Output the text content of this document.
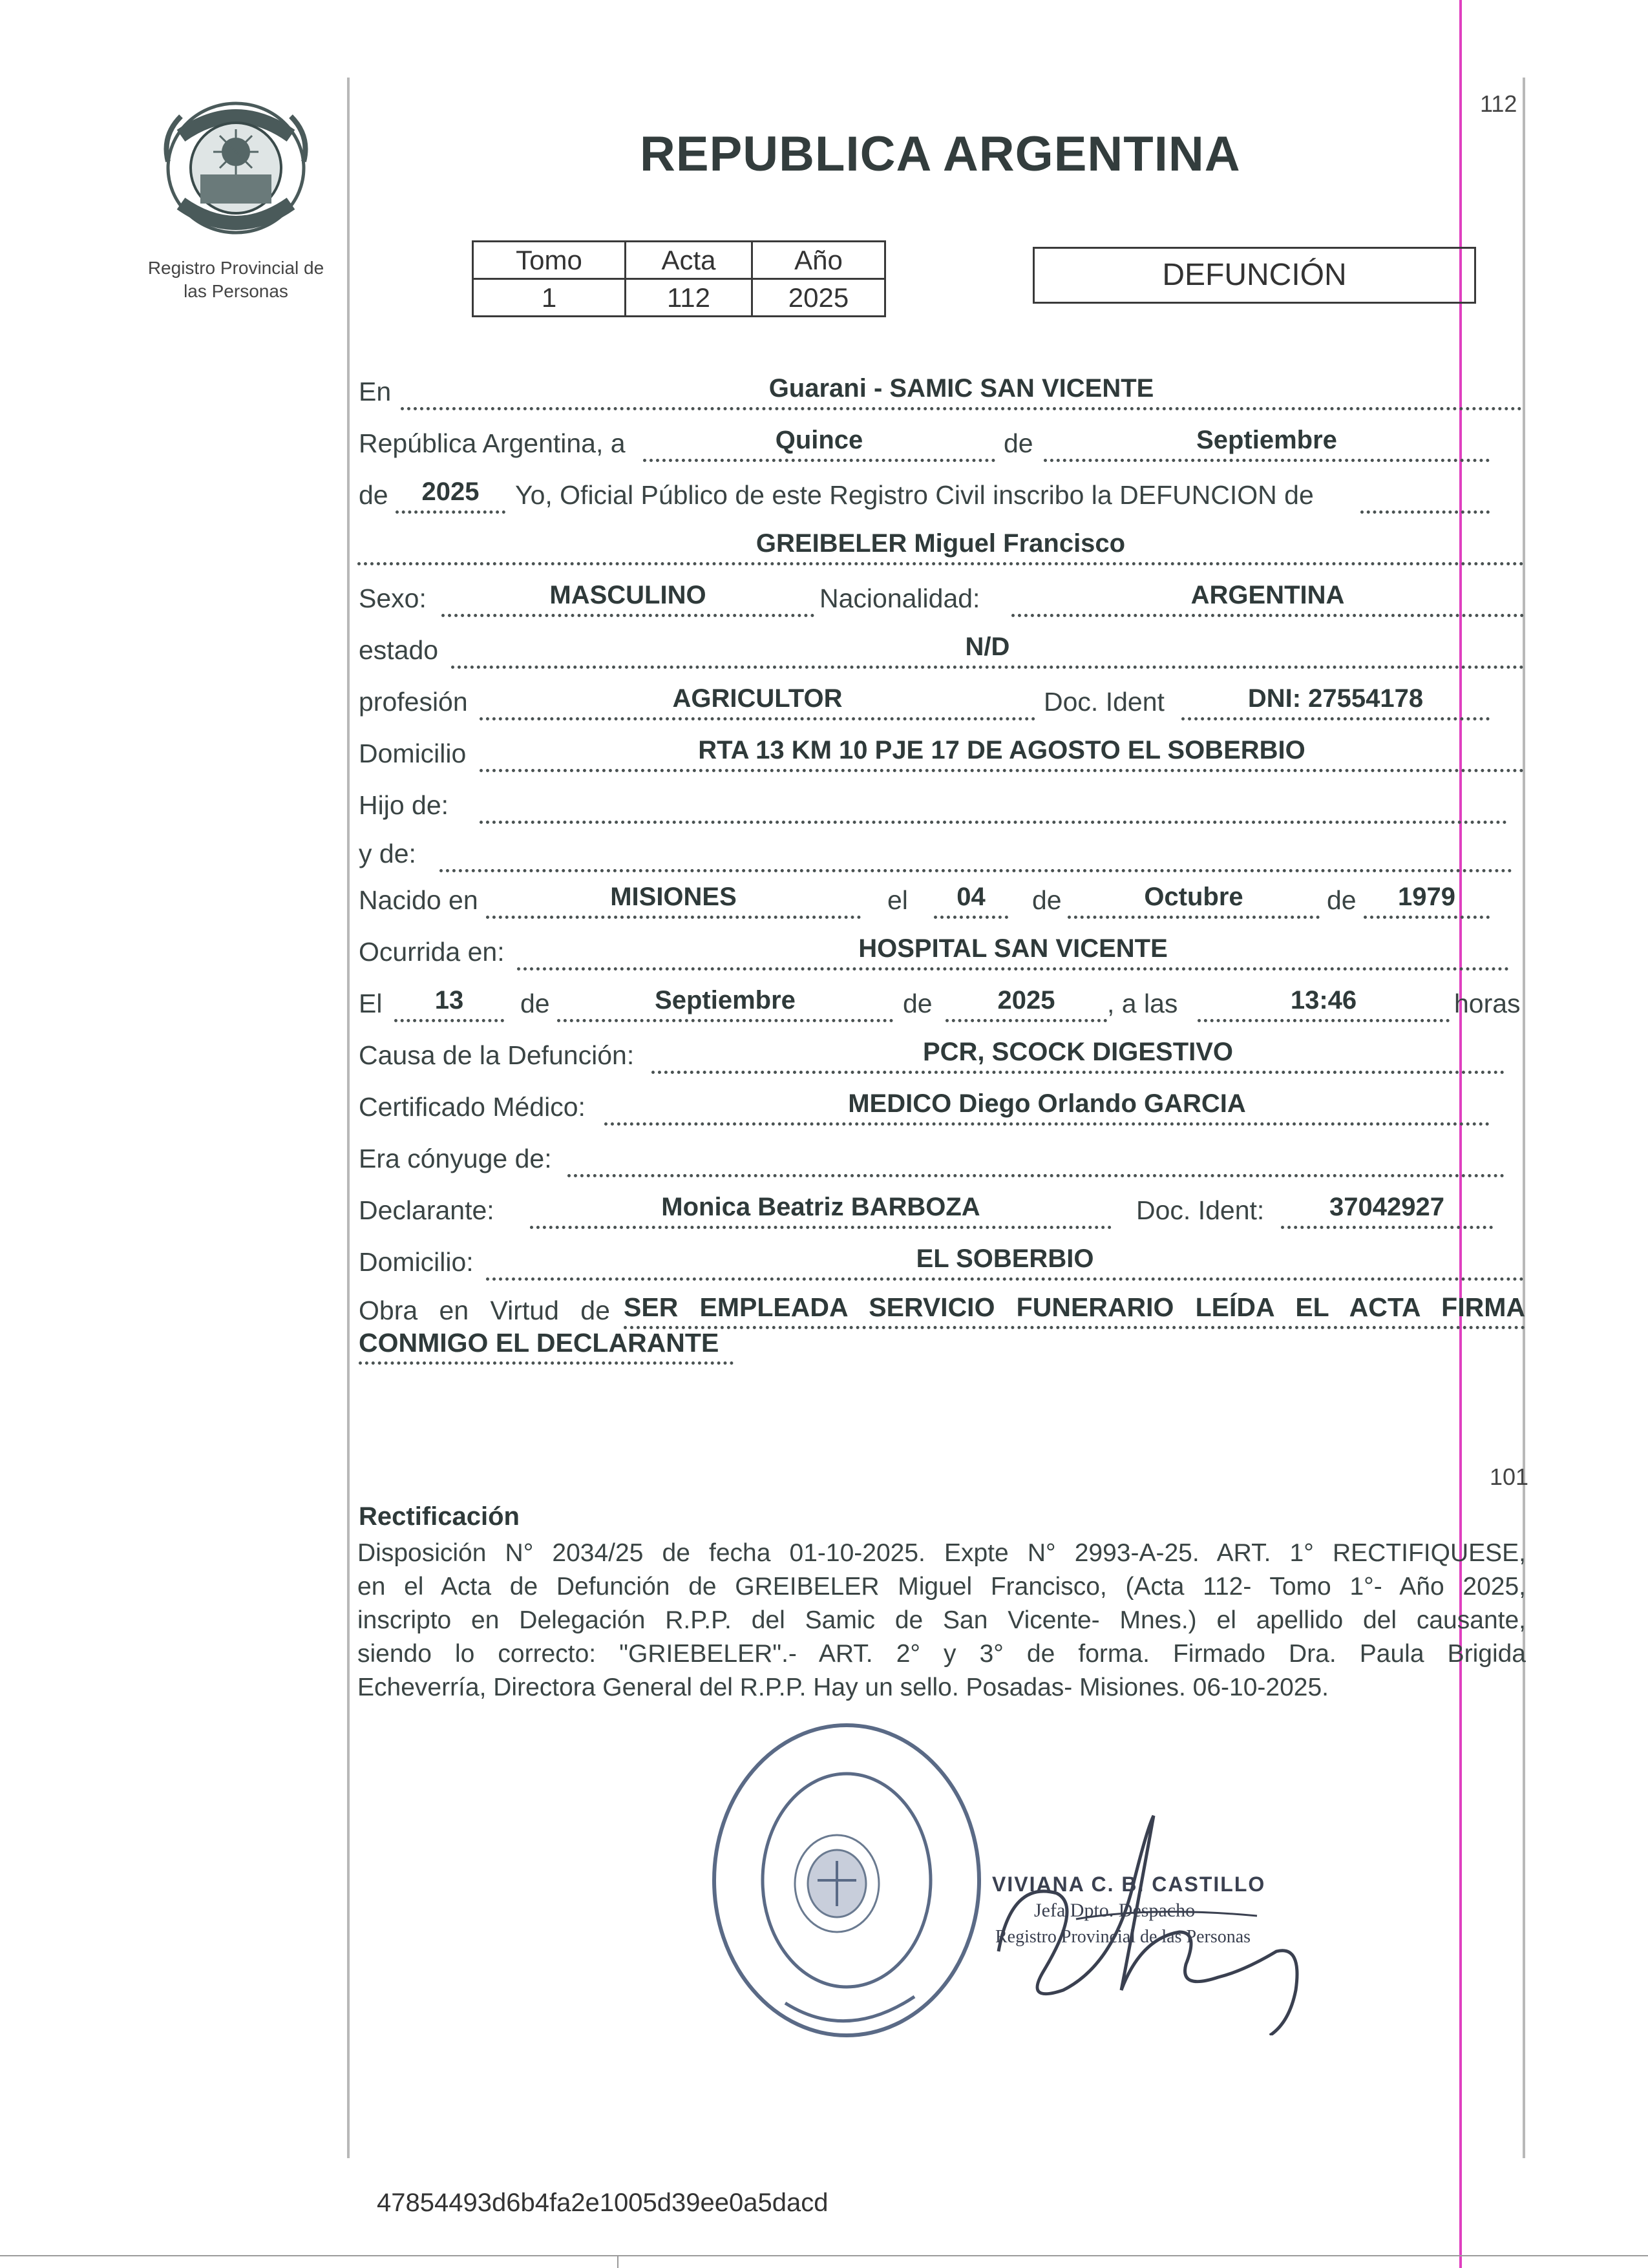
112
Registro Provincial de las Personas
REPUBLICA ARGENTINA
Tomo	Acta	Año
1	112	2025
DEFUNCIÓN
En	Guarani - SAMIC SAN VICENTE
República Argentina, a	Quince	de	Septiembre
de	2025	Yo, Oficial Público de este Registro Civil inscribo la DEFUNCION de
GREIBELER Miguel Francisco
Sexo:	MASCULINO	Nacionalidad:	ARGENTINA
estado	N/D
profesión	AGRICULTOR	Doc. Ident	DNI: 27554178
Domicilio	RTA 13 KM 10 PJE 17 DE AGOSTO EL SOBERBIO
Hijo de:
y de:
Nacido en	MISIONES	el	04	de	Octubre	de	1979
Ocurrida en:	HOSPITAL SAN VICENTE
El	13	de	Septiembre	de	2025	, a las	13:46	horas
Causa de la Defunción:	PCR, SCOCK DIGESTIVO
Certificado Médico:	MEDICO Diego Orlando GARCIA
Era cónyuge de:
Declarante:	Monica Beatriz BARBOZA	Doc. Ident:	37042927
Domicilio:	EL SOBERBIO
Obra en Virtud de SER EMPLEADA SERVICIO FUNERARIO LEÍDA EL ACTA FIRMA
CONMIGO EL DECLARANTE
101
Rectificación
Disposición N° 2034/25 de fecha 01-10-2025. Expte N° 2993-A-25. ART. 1° RECTIFIQUESE,
en el Acta de Defunción de GREIBELER Miguel Francisco, (Acta 112- Tomo 1°- Año 2025,
inscripto en Delegación R.P.P. del Samic de San Vicente- Mnes.) el apellido del causante,
siendo lo correcto: "GRIEBELER".- ART. 2° y 3° de forma. Firmado Dra. Paula Brigida
Echeverría, Directora General del R.P.P. Hay un sello. Posadas- Misiones. 06-10-2025.
VIVIANA C. B. CASTILLO
Jefa Dpto. Despacho
Registro Provincial de las Personas
47854493d6b4fa2e1005d39ee0a5dacd
